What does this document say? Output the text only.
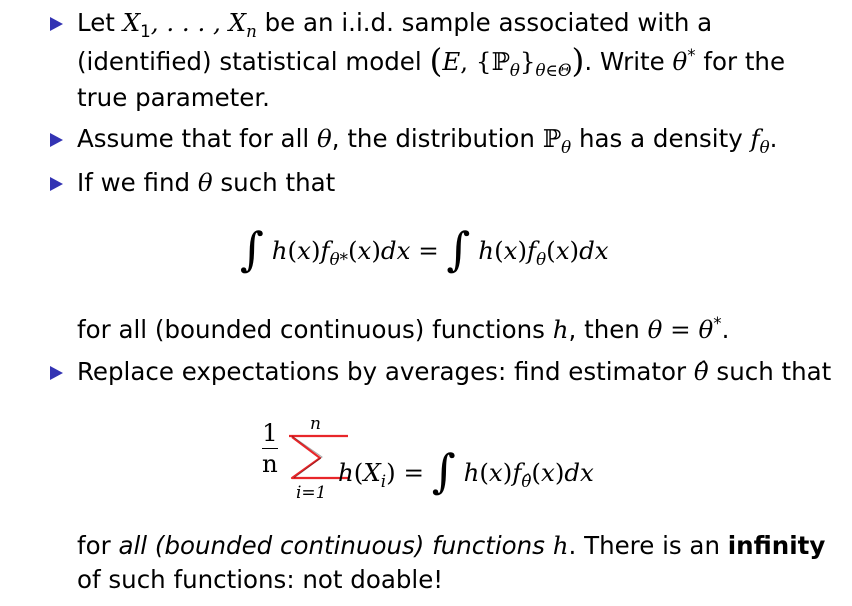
Let $X_1$, . . . , $X_n$ be an i.i.d. sample associated with a
(identified) statistical model (E, $\{ℙ_\theta\}_{\theta\in\Theta}$). Write θ* for the
true parameter.
Assume that for all θ, the distribution ℙ$_\theta$ has a density $f_\theta$.
If we find θ such that
∫ $h(x)f_{\theta*}(x)dx$ = ∫ $h(x)f_\theta(x)dx$
for all (bounded continuous) functions h, then θ = θ*.
Replace expectations by averages: find estimator θ̂ such that
$\frac{1}{n}$ n
i=1
$h(X_i)$ = ∫ $h(x)f_{\thetâ}(x)dx$
for all (bounded continuous) functions h. There is an infinity
of such functions: not doable!
